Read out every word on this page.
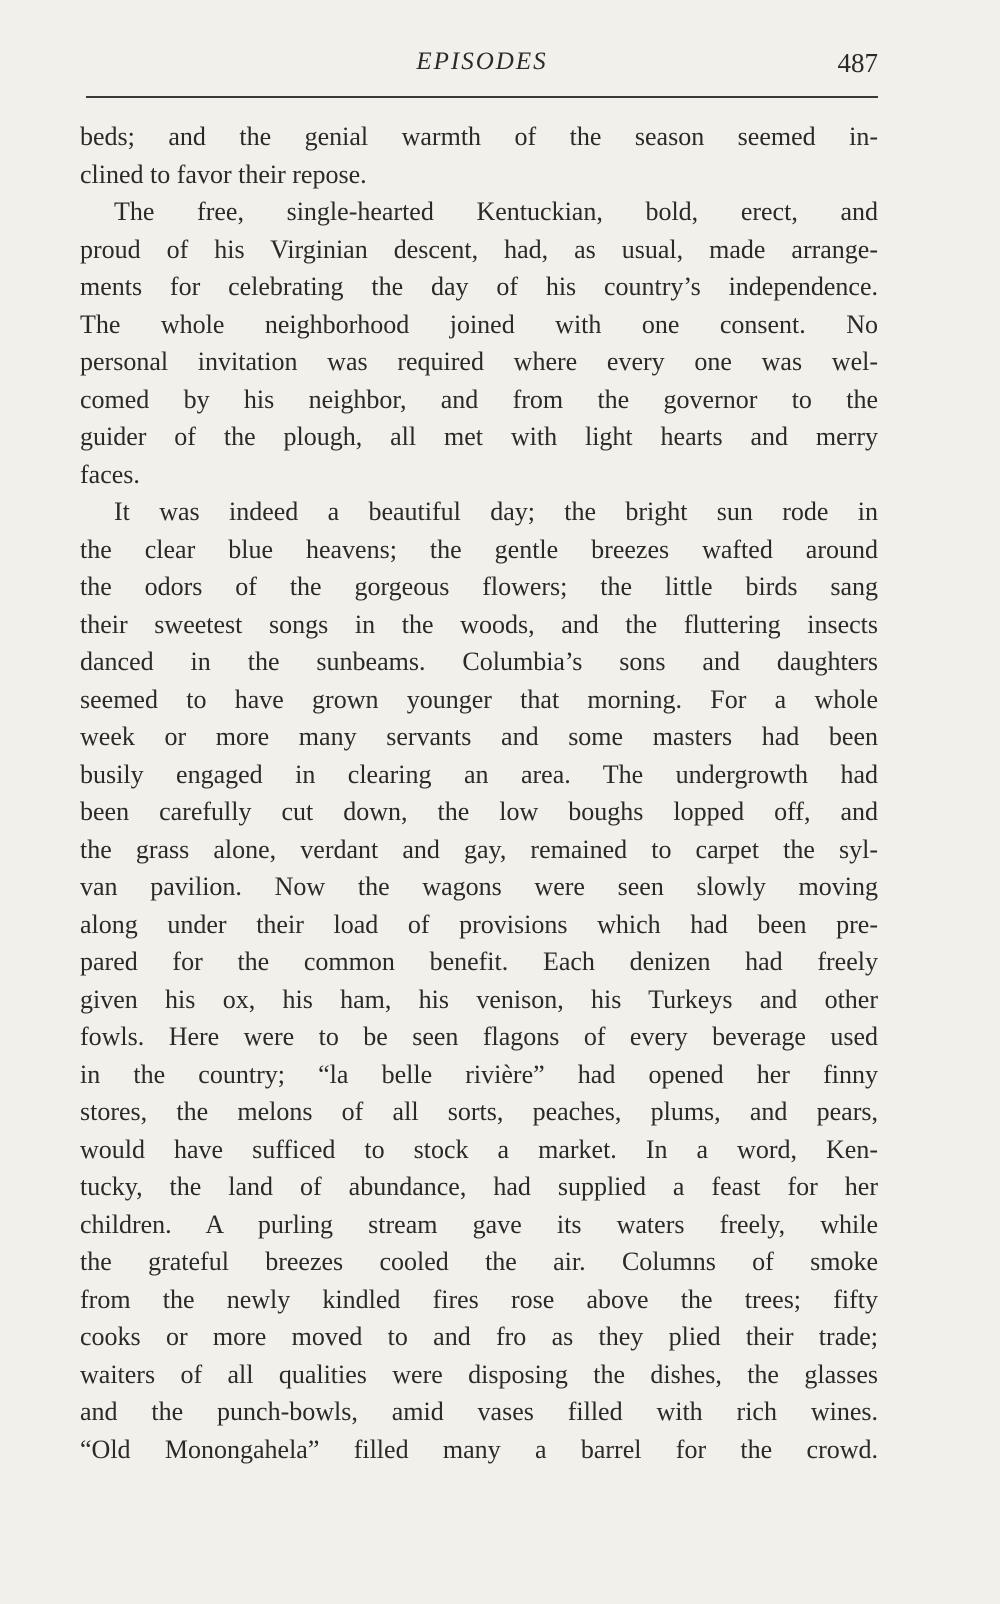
EPISODES	487
beds; and the genial warmth of the season seemed in-
clined to favor their repose.
The free, single-hearted Kentuckian, bold, erect, and
proud of his Virginian descent, had, as usual, made arrange-
ments for celebrating the day of his country’s independence.
The whole neighborhood joined with one consent. No
personal invitation was required where every one was wel-
comed by his neighbor, and from the governor to the
guider of the plough, all met with light hearts and merry
faces.
It was indeed a beautiful day; the bright sun rode in
the clear blue heavens; the gentle breezes wafted around
the odors of the gorgeous flowers; the little birds sang
their sweetest songs in the woods, and the fluttering insects
danced in the sunbeams. Columbia’s sons and daughters
seemed to have grown younger that morning. For a whole
week or more many servants and some masters had been
busily engaged in clearing an area. The undergrowth had
been carefully cut down, the low boughs lopped off, and
the grass alone, verdant and gay, remained to carpet the syl-
van pavilion. Now the wagons were seen slowly moving
along under their load of provisions which had been pre-
pared for the common benefit. Each denizen had freely
given his ox, his ham, his venison, his Turkeys and other
fowls. Here were to be seen flagons of every beverage used
in the country; “la belle rivière” had opened her finny
stores, the melons of all sorts, peaches, plums, and pears,
would have sufficed to stock a market. In a word, Ken-
tucky, the land of abundance, had supplied a feast for her
children. A purling stream gave its waters freely, while
the grateful breezes cooled the air. Columns of smoke
from the newly kindled fires rose above the trees; fifty
cooks or more moved to and fro as they plied their trade;
waiters of all qualities were disposing the dishes, the glasses
and the punch-bowls, amid vases filled with rich wines.
“Old Monongahela” filled many a barrel for the crowd.
